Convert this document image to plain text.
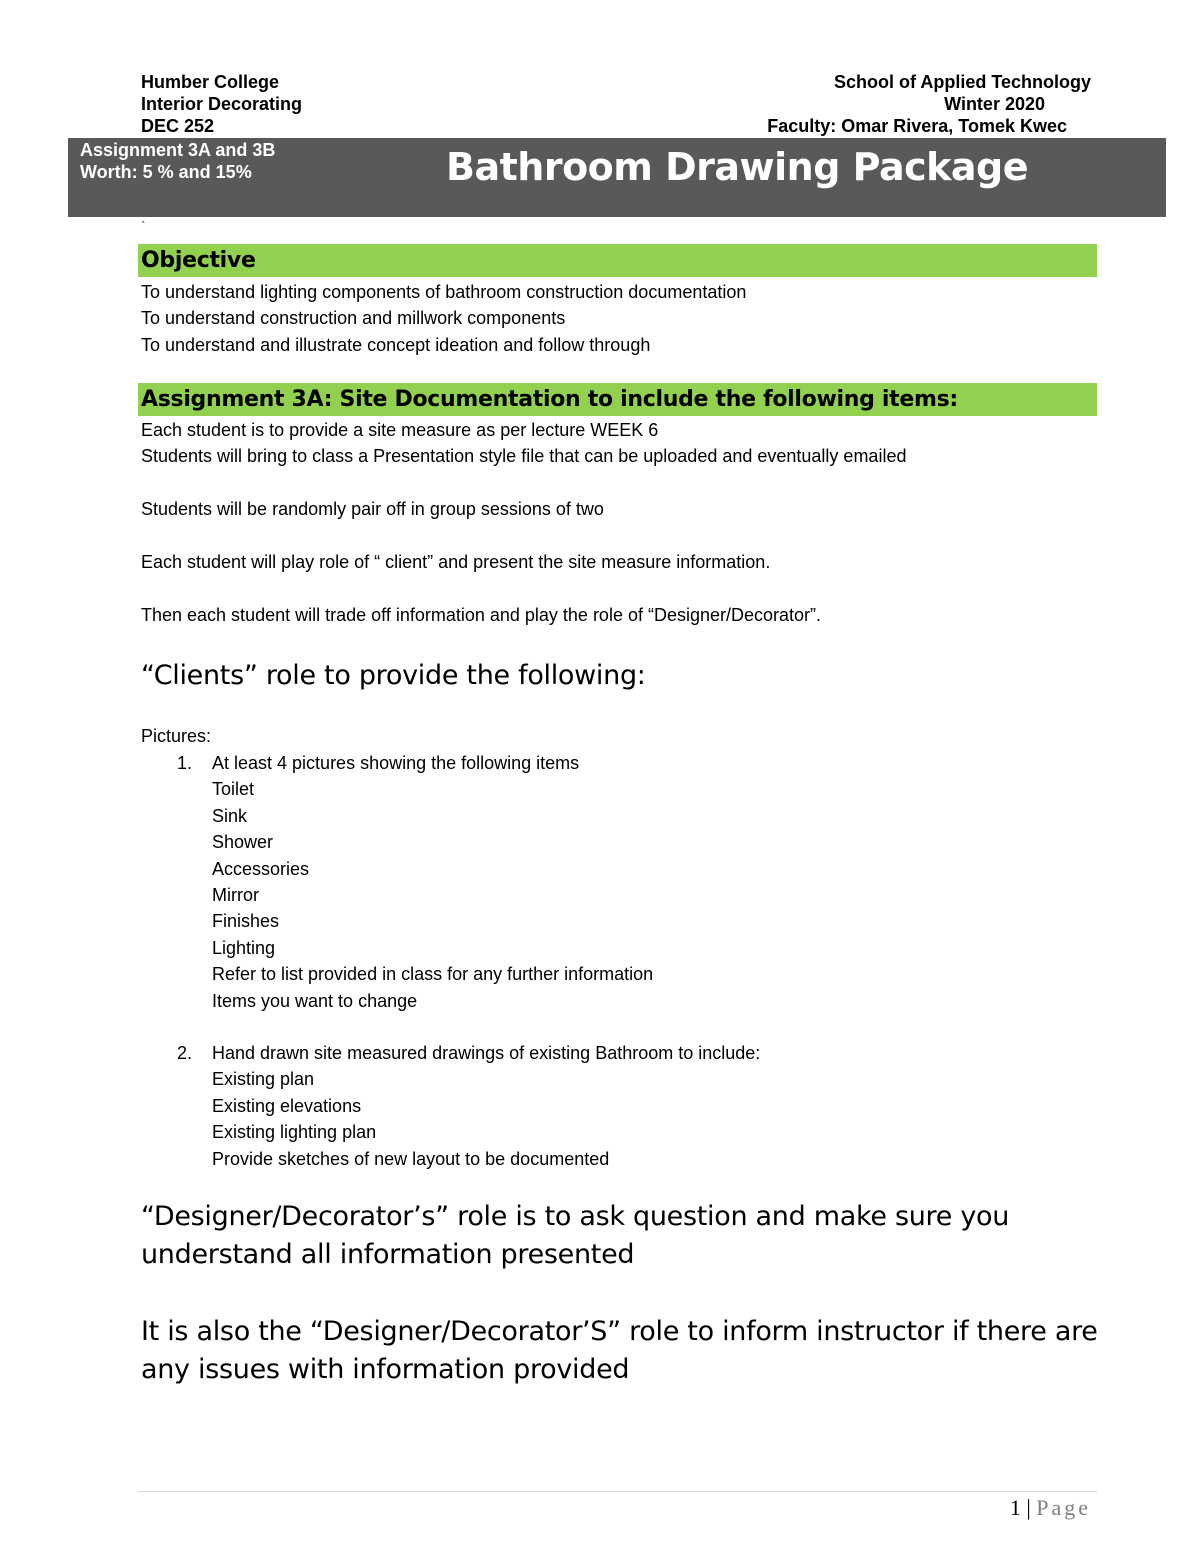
Humber College
Interior Decorating
DEC 252
School of Applied Technology
Winter 2020
Faculty: Omar Rivera, Tomek Kwec
Assignment 3A and 3B
Worth: 5 % and 15%	Bathroom Drawing Package
`
Objective
To understand lighting components of bathroom construction documentation
To understand construction and millwork components
To understand and illustrate concept ideation and follow through
Assignment 3A: Site Documentation to include the following items:
Each student is to provide a site measure as per lecture WEEK 6
Students will bring to class a Presentation style file that can be uploaded and eventually emailed
Students will be randomly pair off in group sessions of two
Each student will play role of “ client” and present the site measure information.
Then each student will trade off information and play the role of “Designer/Decorator”.
“Clients” role to provide the following:
Pictures:
1. At least 4 pictures showing the following items
Toilet
Sink
Shower
Accessories
Mirror
Finishes
Lighting
Refer to list provided in class for any further information
Items you want to change
2. Hand drawn site measured drawings of existing Bathroom to include:
Existing plan
Existing elevations
Existing lighting plan
Provide sketches of new layout to be documented
“Designer/Decorator’s” role is to ask question and make sure you
understand all information presented
It is also the “Designer/Decorator’S” role to inform instructor if there are
any issues with information provided
1 | Page
